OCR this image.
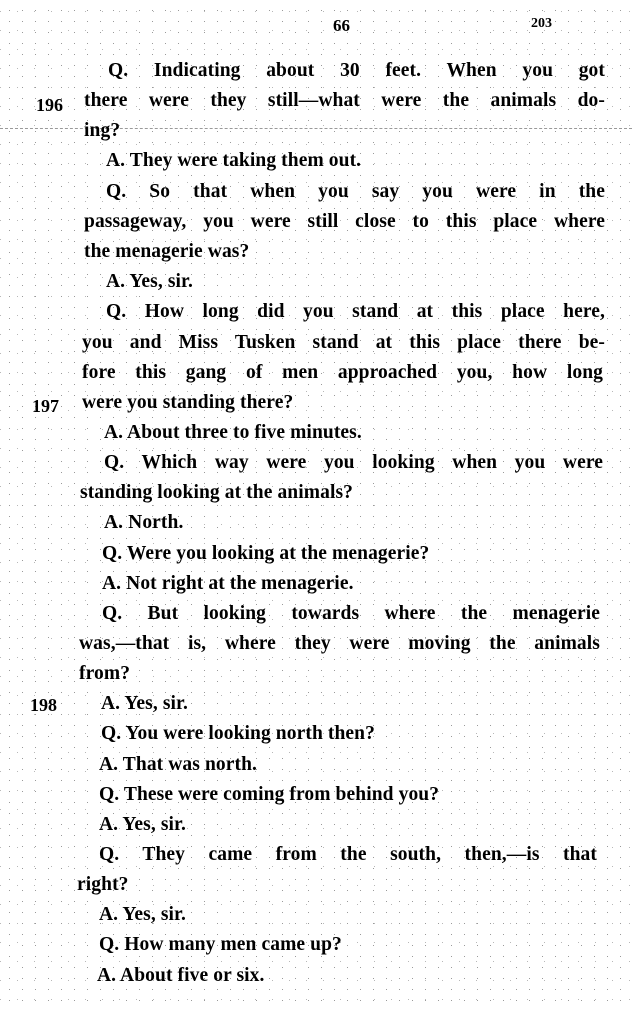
66	203
196
197
198
Q. Indicating about 30 feet. When you got
there were they still—what were the animals do-
ing?
A. They were taking them out.
Q. So that when you say you were in the
passageway, you were still close to this place where
the menagerie was?
A. Yes, sir.
Q. How long did you stand at this place here,
you and Miss Tusken stand at this place there be-
fore this gang of men approached you, how long
were you standing there?
A. About three to five minutes.
Q. Which way were you looking when you were
standing looking at the animals?
A. North.
Q. Were you looking at the menagerie?
A. Not right at the menagerie.
Q. But looking towards where the menagerie
was,—that is, where they were moving the animals
from?
A. Yes, sir.
Q. You were looking north then?
A. That was north.
Q. These were coming from behind you?
A. Yes, sir.
Q. They came from the south, then,—is that
right?
A. Yes, sir.
Q. How many men came up?
A. About five or six.
